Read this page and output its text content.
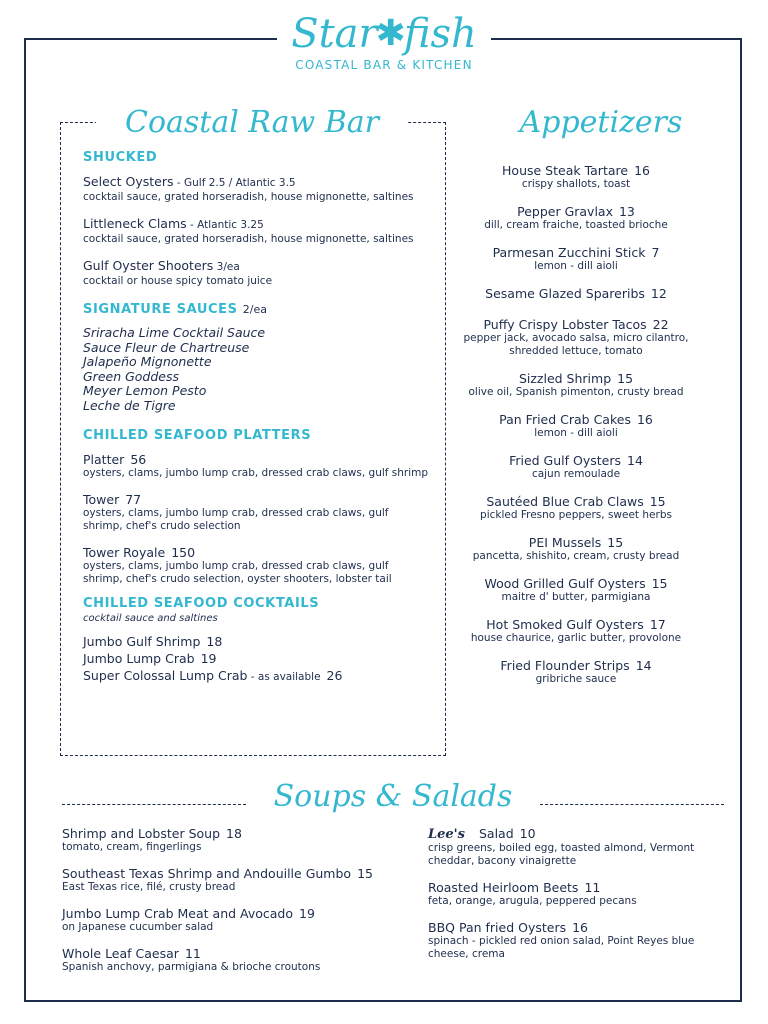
Star✱fish
COASTAL BAR & KITCHEN
Coastal Raw Bar
SHUCKED
Select Oysters - Gulf 2.5 / Atlantic 3.5
cocktail sauce, grated horseradish, house mignonette, saltines
Littleneck Clams - Atlantic 3.25
cocktail sauce, grated horseradish, house mignonette, saltines
Gulf Oyster Shooters 3/ea
cocktail or house spicy tomato juice
SIGNATURE SAUCES 2/ea
Sriracha Lime Cocktail Sauce
Sauce Fleur de Chartreuse
Jalapeño Mignonette
Green Goddess
Meyer Lemon Pesto
Leche de Tigre
CHILLED SEAFOOD PLATTERS
Platter 56
oysters, clams, jumbo lump crab, dressed crab claws, gulf shrimp
Tower 77
oysters, clams, jumbo lump crab, dressed crab claws, gulf shrimp, chef's crudo selection
Tower Royale 150
oysters, clams, jumbo lump crab, dressed crab claws, gulf shrimp, chef's crudo selection, oyster shooters, lobster tail
CHILLED SEAFOOD COCKTAILS
cocktail sauce and saltines
Jumbo Gulf Shrimp 18
Jumbo Lump Crab 19
Super Colossal Lump Crab - as available 26
Appetizers
House Steak Tartare 16
crispy shallots, toast
Pepper Gravlax 13
dill, cream fraiche, toasted brioche
Parmesan Zucchini Stick 7
lemon - dill aioli
Sesame Glazed Spareribs 12
Puffy Crispy Lobster Tacos 22
pepper jack, avocado salsa, micro cilantro, shredded lettuce, tomato
Sizzled Shrimp 15
olive oil, Spanish pimenton, crusty bread
Pan Fried Crab Cakes 16
lemon - dill aioli
Fried Gulf Oysters 14
cajun remoulade
Sautéed Blue Crab Claws 15
pickled Fresno peppers, sweet herbs
PEI Mussels 15
pancetta, shishito, cream, crusty bread
Wood Grilled Gulf Oysters 15
maitre d' butter, parmigiana
Hot Smoked Gulf Oysters 17
house chaurice, garlic butter, provolone
Fried Flounder Strips 14
gribriche sauce
Soups & Salads
Shrimp and Lobster Soup 18
tomato, cream, fingerlings
Southeast Texas Shrimp and Andouille Gumbo 15
East Texas rice, filé, crusty bread
Jumbo Lump Crab Meat and Avocado 19
on Japanese cucumber salad
Whole Leaf Caesar 11
Spanish anchovy, parmigiana & brioche croutons
Lee's Salad 10
crisp greens, boiled egg, toasted almond, Vermont cheddar, bacony vinaigrette
Roasted Heirloom Beets 11
feta, orange, arugula, peppered pecans
BBQ Pan fried Oysters 16
spinach - pickled red onion salad, Point Reyes blue cheese, crema
